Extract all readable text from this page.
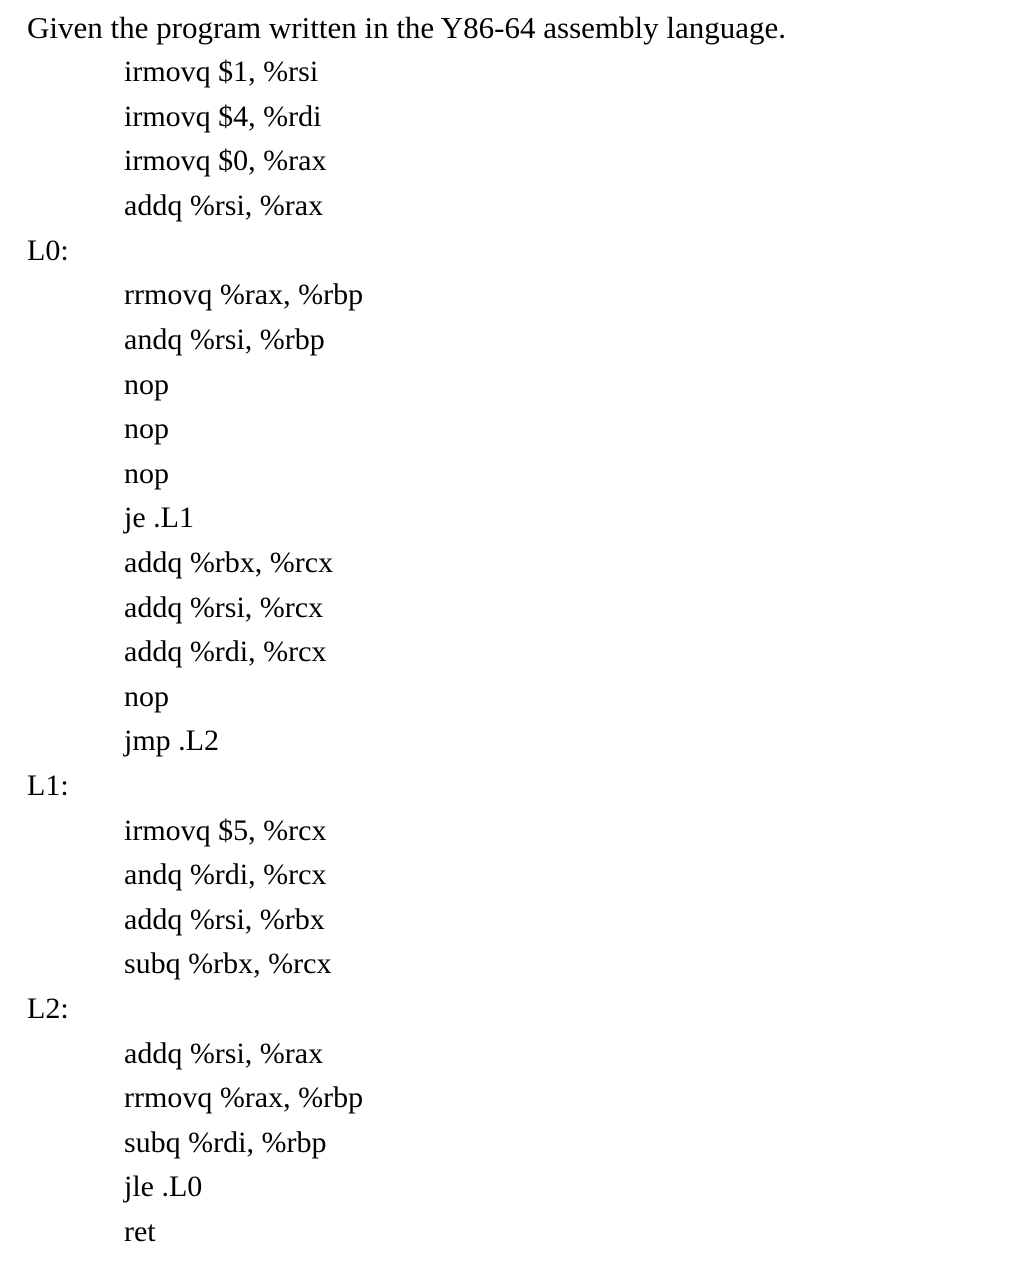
Given the program written in the Y86-64 assembly language.
irmovq $1, %rsi
irmovq $4, %rdi
irmovq $0, %rax
addq %rsi, %rax
L0:
rrmovq %rax, %rbp
andq %rsi, %rbp
nop
nop
nop
je .L1
addq %rbx, %rcx
addq %rsi, %rcx
addq %rdi, %rcx
nop
jmp .L2
L1:
irmovq $5, %rcx
andq %rdi, %rcx
addq %rsi, %rbx
subq %rbx, %rcx
L2:
addq %rsi, %rax
rrmovq %rax, %rbp
subq %rdi, %rbp
jle .L0
ret
